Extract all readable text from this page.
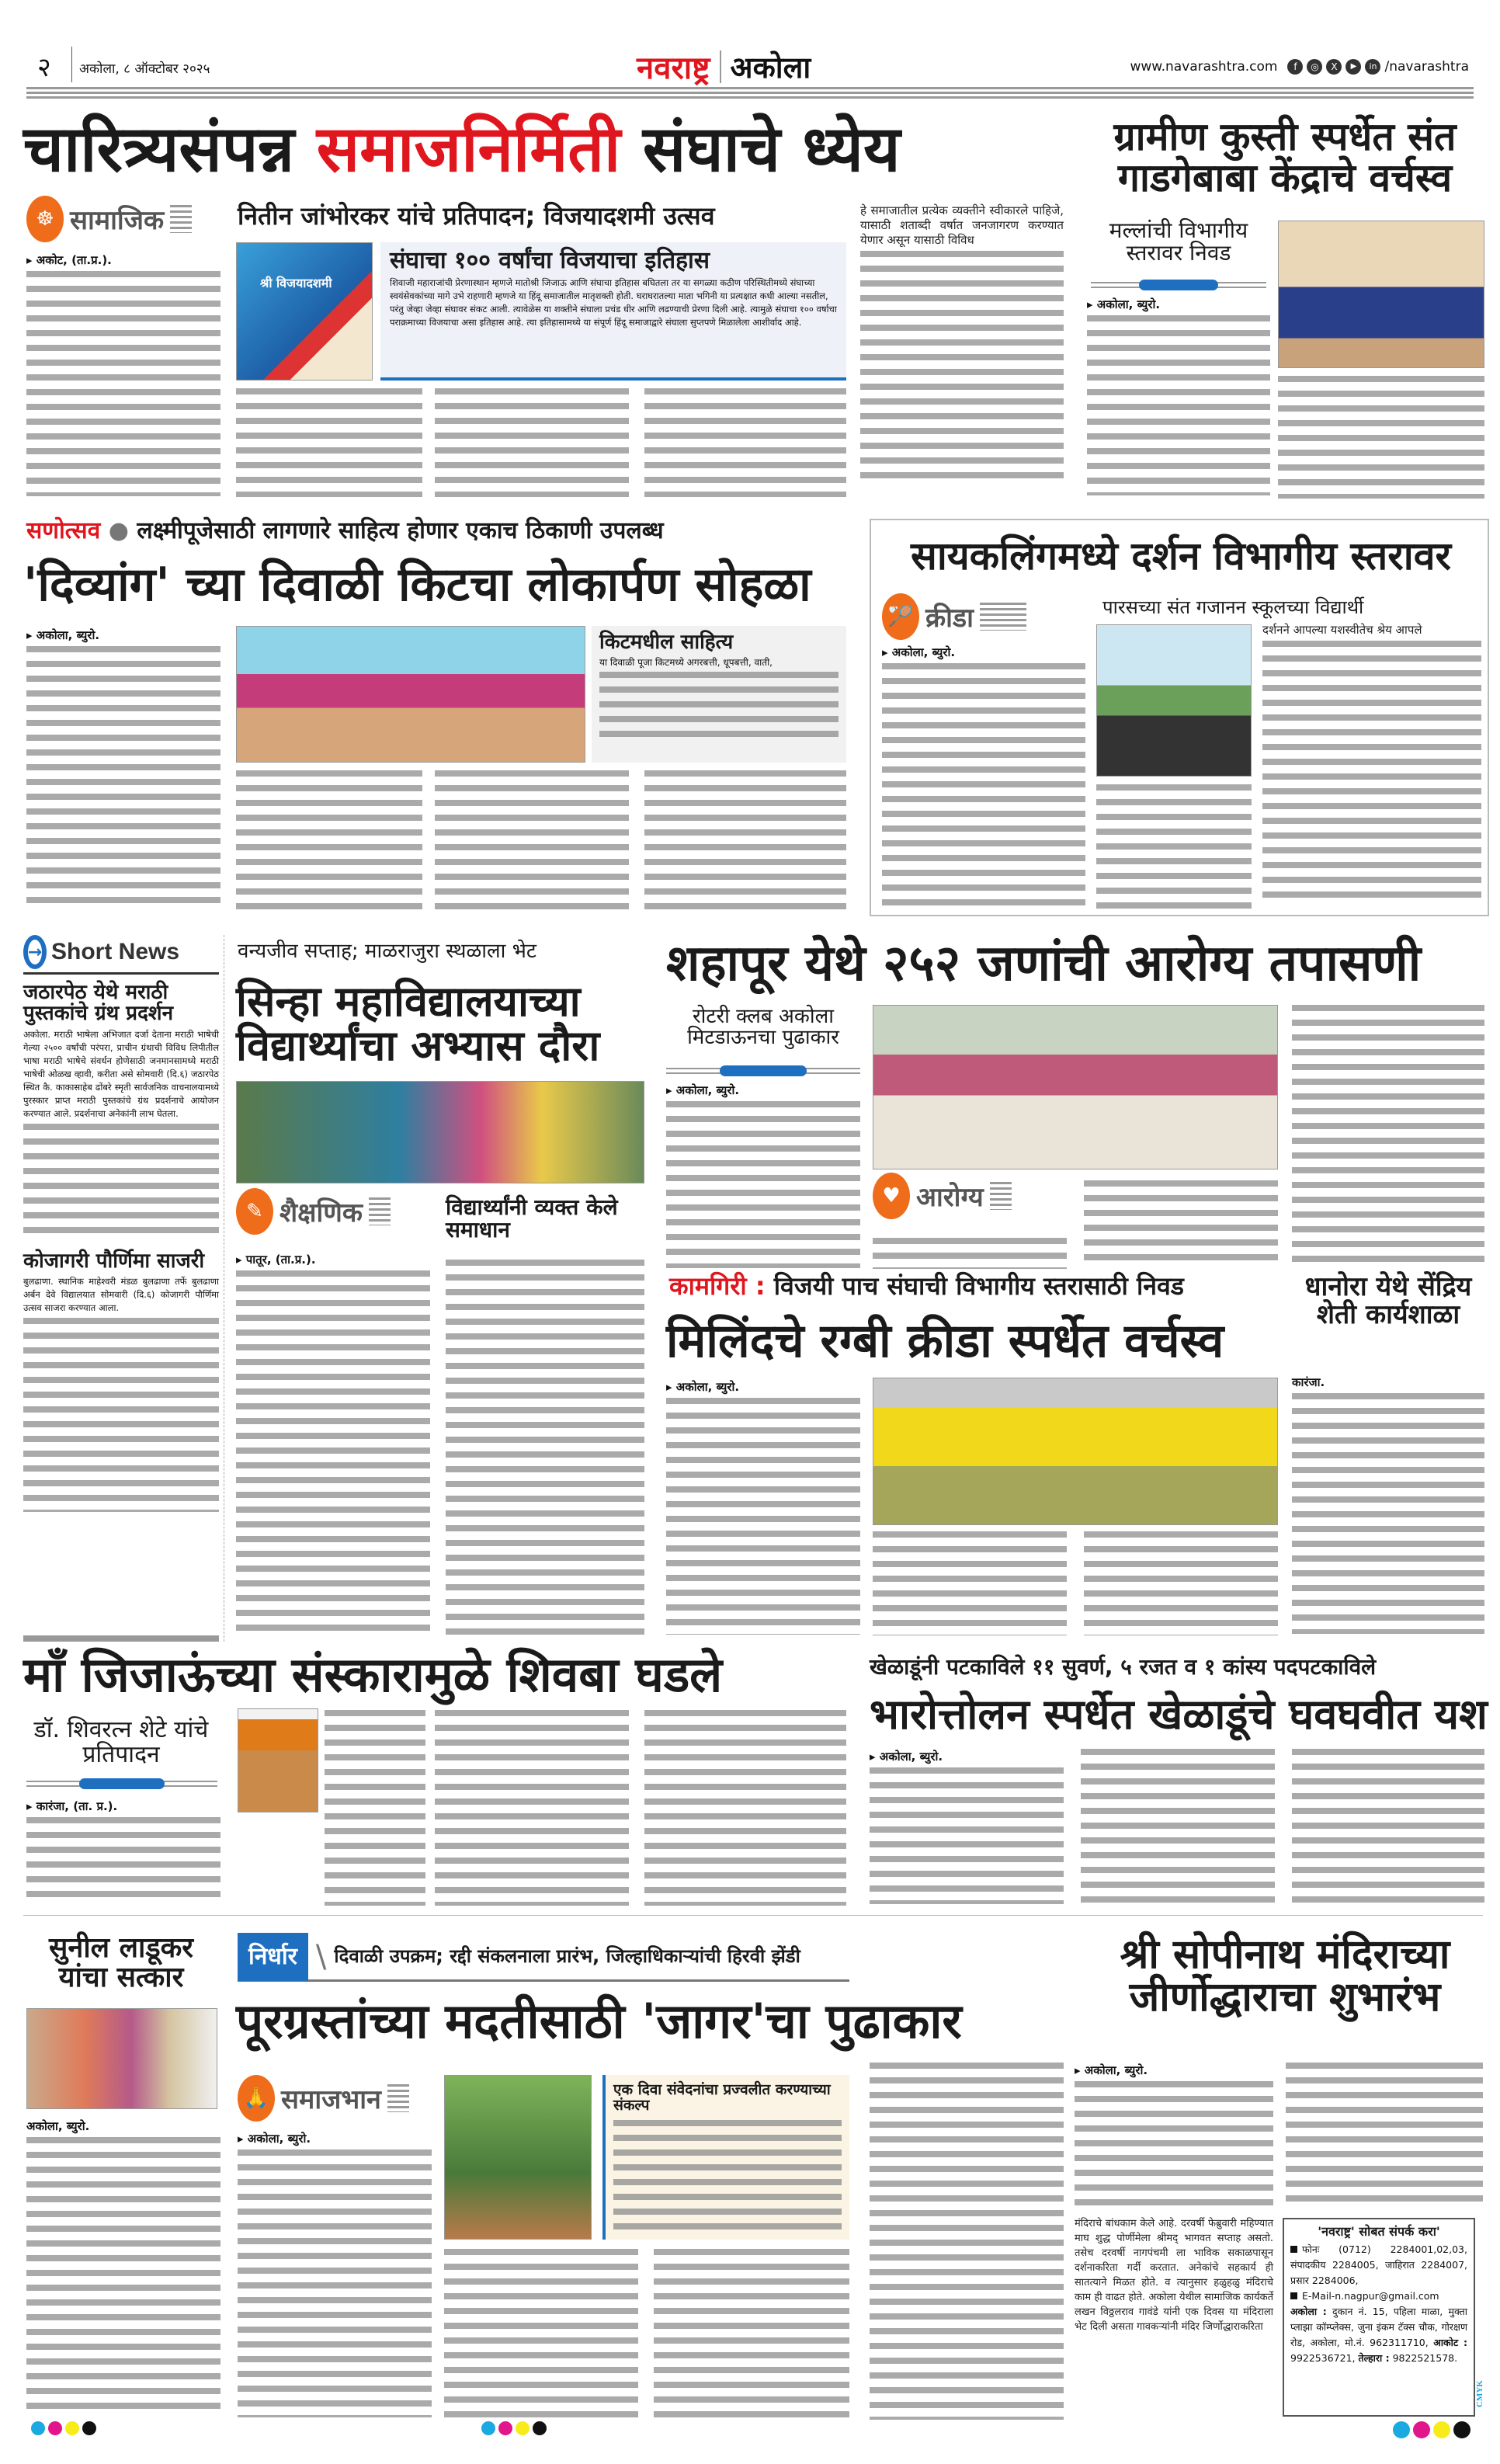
२ अकोला, ८ ऑक्टोबर २०२५	नवराष्ट्र अकोला	www.navarashtra.com	f	◎	X	▶	in /navarashtra
चारित्र्यसंपन्न समाजनिर्मिती संघाचे ध्येय
☸ सामाजिक	नितीन जांभोरकर यांचे प्रतिपादन; विजयादशमी उत्सव
श्री विजयादशमी
संघाचा १०० वर्षांचा विजयाचा इतिहास
शिवाजी महाराजांची प्रेरणास्थान म्हणजे मातोश्री जिजाऊ आणि संघाचा इतिहास बघितला तर या सगळ्या कठीण परिस्थितीमध्ये संघाच्या स्वयंसेवकांच्या मागे उभे राहणारी म्हणजे या हिंदू समाजातील मातृशक्ती होती. घराघरातल्या माता भगिनी या प्रत्यक्षात कधी आल्या नसतील, परंतु जेव्हा जेव्हा संघावर संकट आली. त्यावेळेस या शक्तीने संघाला प्रचंड धीर आणि लढण्याची प्रेरणा दिली आहे. त्यामुळे संघाचा १०० वर्षाचा पराक्रमाच्या विजयाचा असा इतिहास आहे. त्या इतिहासामध्ये या संपूर्ण हिंदू समाजाद्वारे संघाला सुप्तपणे मिळालेला आशीर्वाद आहे.
▸ अकोट, (ता.प्र.).
हे समाजातील प्रत्येक व्यक्तीने स्वीकारले पाहिजे, यासाठी शताब्दी वर्षात जनजागरण करण्यात येणार असून यासाठी विविध
ग्रामीण कुस्ती स्पर्धेत संत गाडगेबाबा केंद्राचे वर्चस्व
मल्लांची विभागीय स्तरावर निवड
▸ अकोला, ब्युरो.
सणोत्सव ● लक्ष्मीपूजेसाठी लागणारे साहित्य होणार एकाच ठिकाणी उपलब्ध
'दिव्यांग' च्या दिवाळी किटचा लोकार्पण सोहळा
▸ अकोला, ब्युरो.	किटमधील साहित्य
या दिवाळी पूजा किटमध्ये अगरबत्ती, धूपबत्ती, वाती,
सायकलिंगमध्ये दर्शन विभागीय स्तरावर
🏸 क्रीडा	पारसच्या संत गजानन स्कूलच्या विद्यार्थी
▸ अकोला, ब्युरो.
दर्शनने आपल्या यशस्वीतेच श्रेय आपले
→ Short News
जठारपेठ येथे मराठी पुस्तकांचे ग्रंथ प्रदर्शन
अकोला. मराठी भाषेला अभिजात दर्जा देताना मराठी भाषेची गेल्या २५०० वर्षांची परंपरा, प्राचीन ग्रंथाची विविध लिपीतील भाषा मराठी भाषेचे संवर्धन होणेसाठी जनमानसामध्ये मराठी भाषेची ओळख व्हावी, करीता असे सोमवारी (दि.६) जठारपेठ स्थित कै. काकासाहेब ढोंबरे स्मृती सार्वजनिक वाचनालयामध्ये पुरस्कार प्राप्त मराठी पुस्तकांचे ग्रंथ प्रदर्शनाचे आयोजन करण्यात आले. प्रदर्शनाचा अनेकांनी लाभ घेतला.
कोजागरी पौर्णिमा साजरी
बुलढाणा. स्थानिक माहेश्वरी मंडळ बुलढाणा तर्फे बुलढाणा अर्बन देवे विद्यालयात सोमवारी (दि.६) कोजागरी पौर्णिमा उत्सव साजरा करण्यात आला.
वन्यजीव सप्ताह; माळराजुरा स्थळाला भेट
सिन्हा महाविद्यालयाच्या विद्यार्थ्यांचा अभ्यास दौरा
✎ शैक्षणिक	विद्यार्थ्यांनी व्यक्त केले समाधान
▸ पातूर, (ता.प्र.).
शहापूर येथे २५२ जणांची आरोग्य तपासणी
रोटरी क्लब अकोला मिटडाऊनचा पुढाकार
▸ अकोला, ब्युरो.
♥ आरोग्य
कामगिरी : विजयी पाच संघाची विभागीय स्तरासाठी निवड
मिलिंदचे रग्बी क्रीडा स्पर्धेत वर्चस्व
▸ अकोला, ब्युरो.
धानोरा येथे सेंद्रिय शेती कार्यशाळा
कारंजा.
माँ जिजाऊंच्या संस्कारामुळे शिवबा घडले
डॉ. शिवरत्न शेटे यांचे प्रतिपादन
▸ कारंजा, (ता. प्र.).
खेळाडूंनी पटकाविले ११ सुवर्ण, ५ रजत व १ कांस्य पदपटकाविले
भारोत्तोलन स्पर्धेत खेळाडूंचे घवघवीत यश
▸ अकोला, ब्युरो.
सुनील लाडूकर यांचा सत्कार
अकोला, ब्युरो.
निर्धार \ दिवाळी उपक्रम; रद्दी संकलनाला प्रारंभ, जिल्हाधिकाऱ्यांची हिरवी झेंडी
पूरग्रस्तांच्या मदतीसाठी 'जागर'चा पुढाकार
🙏 समाजभान
▸ अकोला, ब्युरो.
एक दिवा संवेदनांचा प्रज्वलीत करण्याच्या संकल्प
श्री सोपीनाथ मंदिराच्या जीर्णोद्धाराचा शुभारंभ
▸ अकोला, ब्युरो.
मंदिराचे बांधकाम केले आहे. दरवर्षी फेब्रुवारी महिण्यात माघ शुद्ध पोर्णीमेला श्रीमद् भागवत सप्ताह असतो. तसेच दरवर्षी नागपंचमी ला भाविक सकाळपासून दर्शनाकरिता गर्दी करतात. अनेकांचे सहकार्य ही सातत्याने मिळत होते. व त्यानुसार हळुहळु मंदिराचे काम ही वाढत होते. अकोला येथील सामाजिक कार्यकर्ते लखन विठ्ठलराव गावंडे यांनी एक दिवस या मंदिराला भेट दिली असता गावकऱ्यांनी मंदिर जिर्णोद्धाराकरिता
'नवराष्ट्र' सोबत संपर्क करा'
फोनः (0712) 2284001,02,03, संपादकीय 2284005, जाहिरात 2284007, प्रसार 2284006,
E-Mail-n.nagpur@gmail.com
अकोला : दुकान नं. 15, पहिला माळा, मुक्ता प्लाझा कॉम्प्लेक्स, जुना इंकम टॅक्स चौक, गोरक्षण रोड, अकोला, मो.नं. 962311710, आकोट : 9922536721, तेल्हारा : 9822521578.
CMYK
